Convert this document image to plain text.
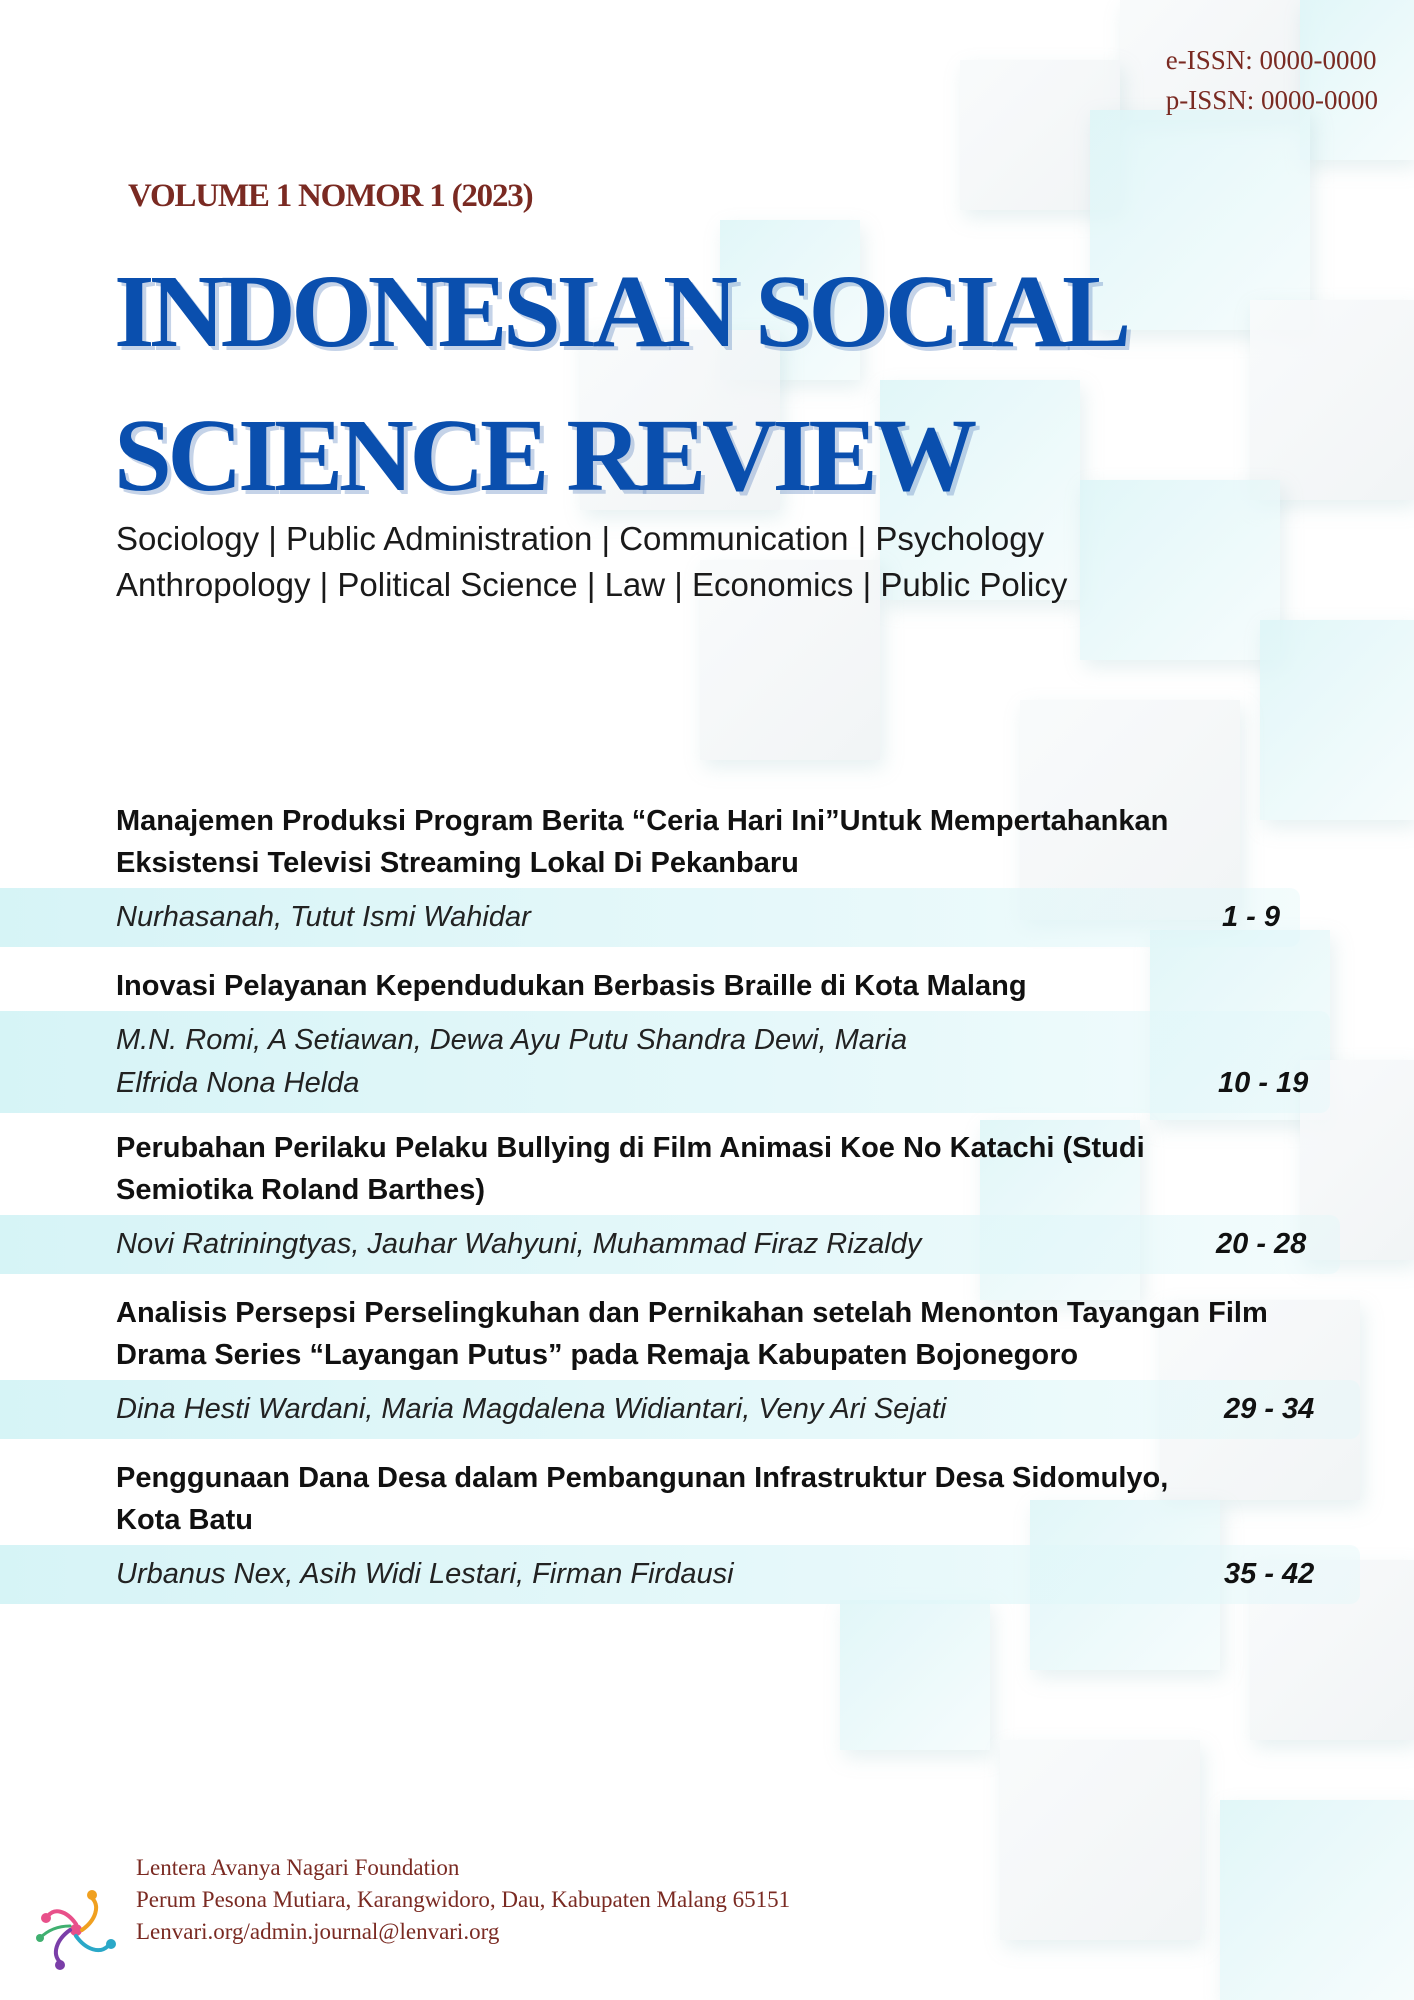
e-ISSN: 0000-0000
p-ISSN: 0000-0000
VOLUME 1 NOMOR 1 (2023)
INDONESIAN SOCIAL
SCIENCE REVIEW
Sociology | Public Administration | Communication | Psychology
Anthropology | Political Science | Law | Economics | Public Policy
Manajemen Produksi Program Berita “Ceria Hari Ini”Untuk Mempertahankan Eksistensi Televisi Streaming Lokal Di Pekanbaru
Nurhasanah, Tutut Ismi Wahidar	1 - 9
Inovasi Pelayanan Kependudukan Berbasis Braille di Kota Malang
M.N. Romi, A Setiawan, Dewa Ayu Putu Shandra Dewi, Maria Elfrida Nona Helda	10 - 19
Perubahan Perilaku Pelaku Bullying di Film Animasi Koe No Katachi (Studi Semiotika Roland Barthes)
Novi Ratriningtyas, Jauhar Wahyuni, Muhammad Firaz Rizaldy	20 - 28
Analisis Persepsi Perselingkuhan dan Pernikahan setelah Menonton Tayangan Film Drama Series “Layangan Putus” pada Remaja Kabupaten Bojonegoro
Dina Hesti Wardani, Maria Magdalena Widiantari, Veny Ari Sejati	29 - 34
Penggunaan Dana Desa dalam Pembangunan Infrastruktur Desa Sidomulyo, Kota Batu
Urbanus Nex, Asih Widi Lestari, Firman Firdausi	35 - 42
Lentera Avanya Nagari Foundation
Perum Pesona Mutiara, Karangwidoro, Dau, Kabupaten Malang 65151
Lenvari.org/admin.journal@lenvari.org
